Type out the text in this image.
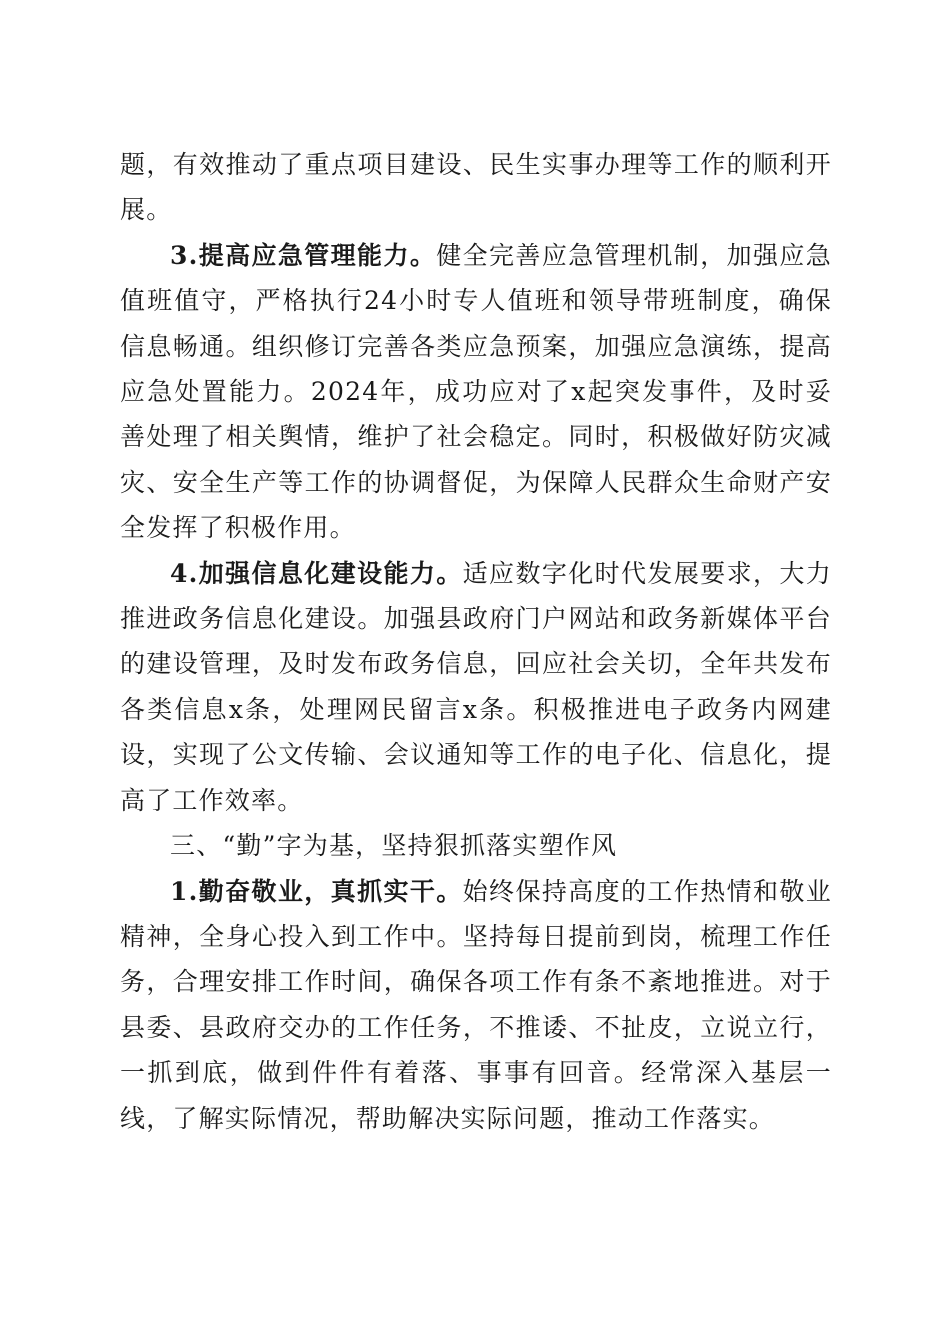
题，有效推动了重点项目建设、民生实事办理等工作的顺利开展。

3.提高应急管理能力。健全完善应急管理机制，加强应急值班值守，严格执行24小时专人值班和领导带班制度，确保信息畅通。组织修订完善各类应急预案，加强应急演练，提高应急处置能力。2024年，成功应对了x起突发事件，及时妥善处理了相关舆情，维护了社会稳定。同时，积极做好防灾减灾、安全生产等工作的协调督促，为保障人民群众生命财产安全发挥了积极作用。

4.加强信息化建设能力。适应数字化时代发展要求，大力推进政务信息化建设。加强县政府门户网站和政务新媒体平台的建设管理，及时发布政务信息，回应社会关切，全年共发布各类信息x条，处理网民留言x条。积极推进电子政务内网建设，实现了公文传输、会议通知等工作的电子化、信息化，提高了工作效率。

三、“勤”字为基，坚持狠抓落实塑作风

1.勤奋敬业，真抓实干。始终保持高度的工作热情和敬业精神，全身心投入到工作中。坚持每日提前到岗，梳理工作任务，合理安排工作时间，确保各项工作有条不紊地推进。对于县委、县政府交办的工作任务，不推诿、不扯皮，立说立行，一抓到底，做到件件有着落、事事有回音。经常深入基层一线，了解实际情况，帮助解决实际问题，推动工作落实。
